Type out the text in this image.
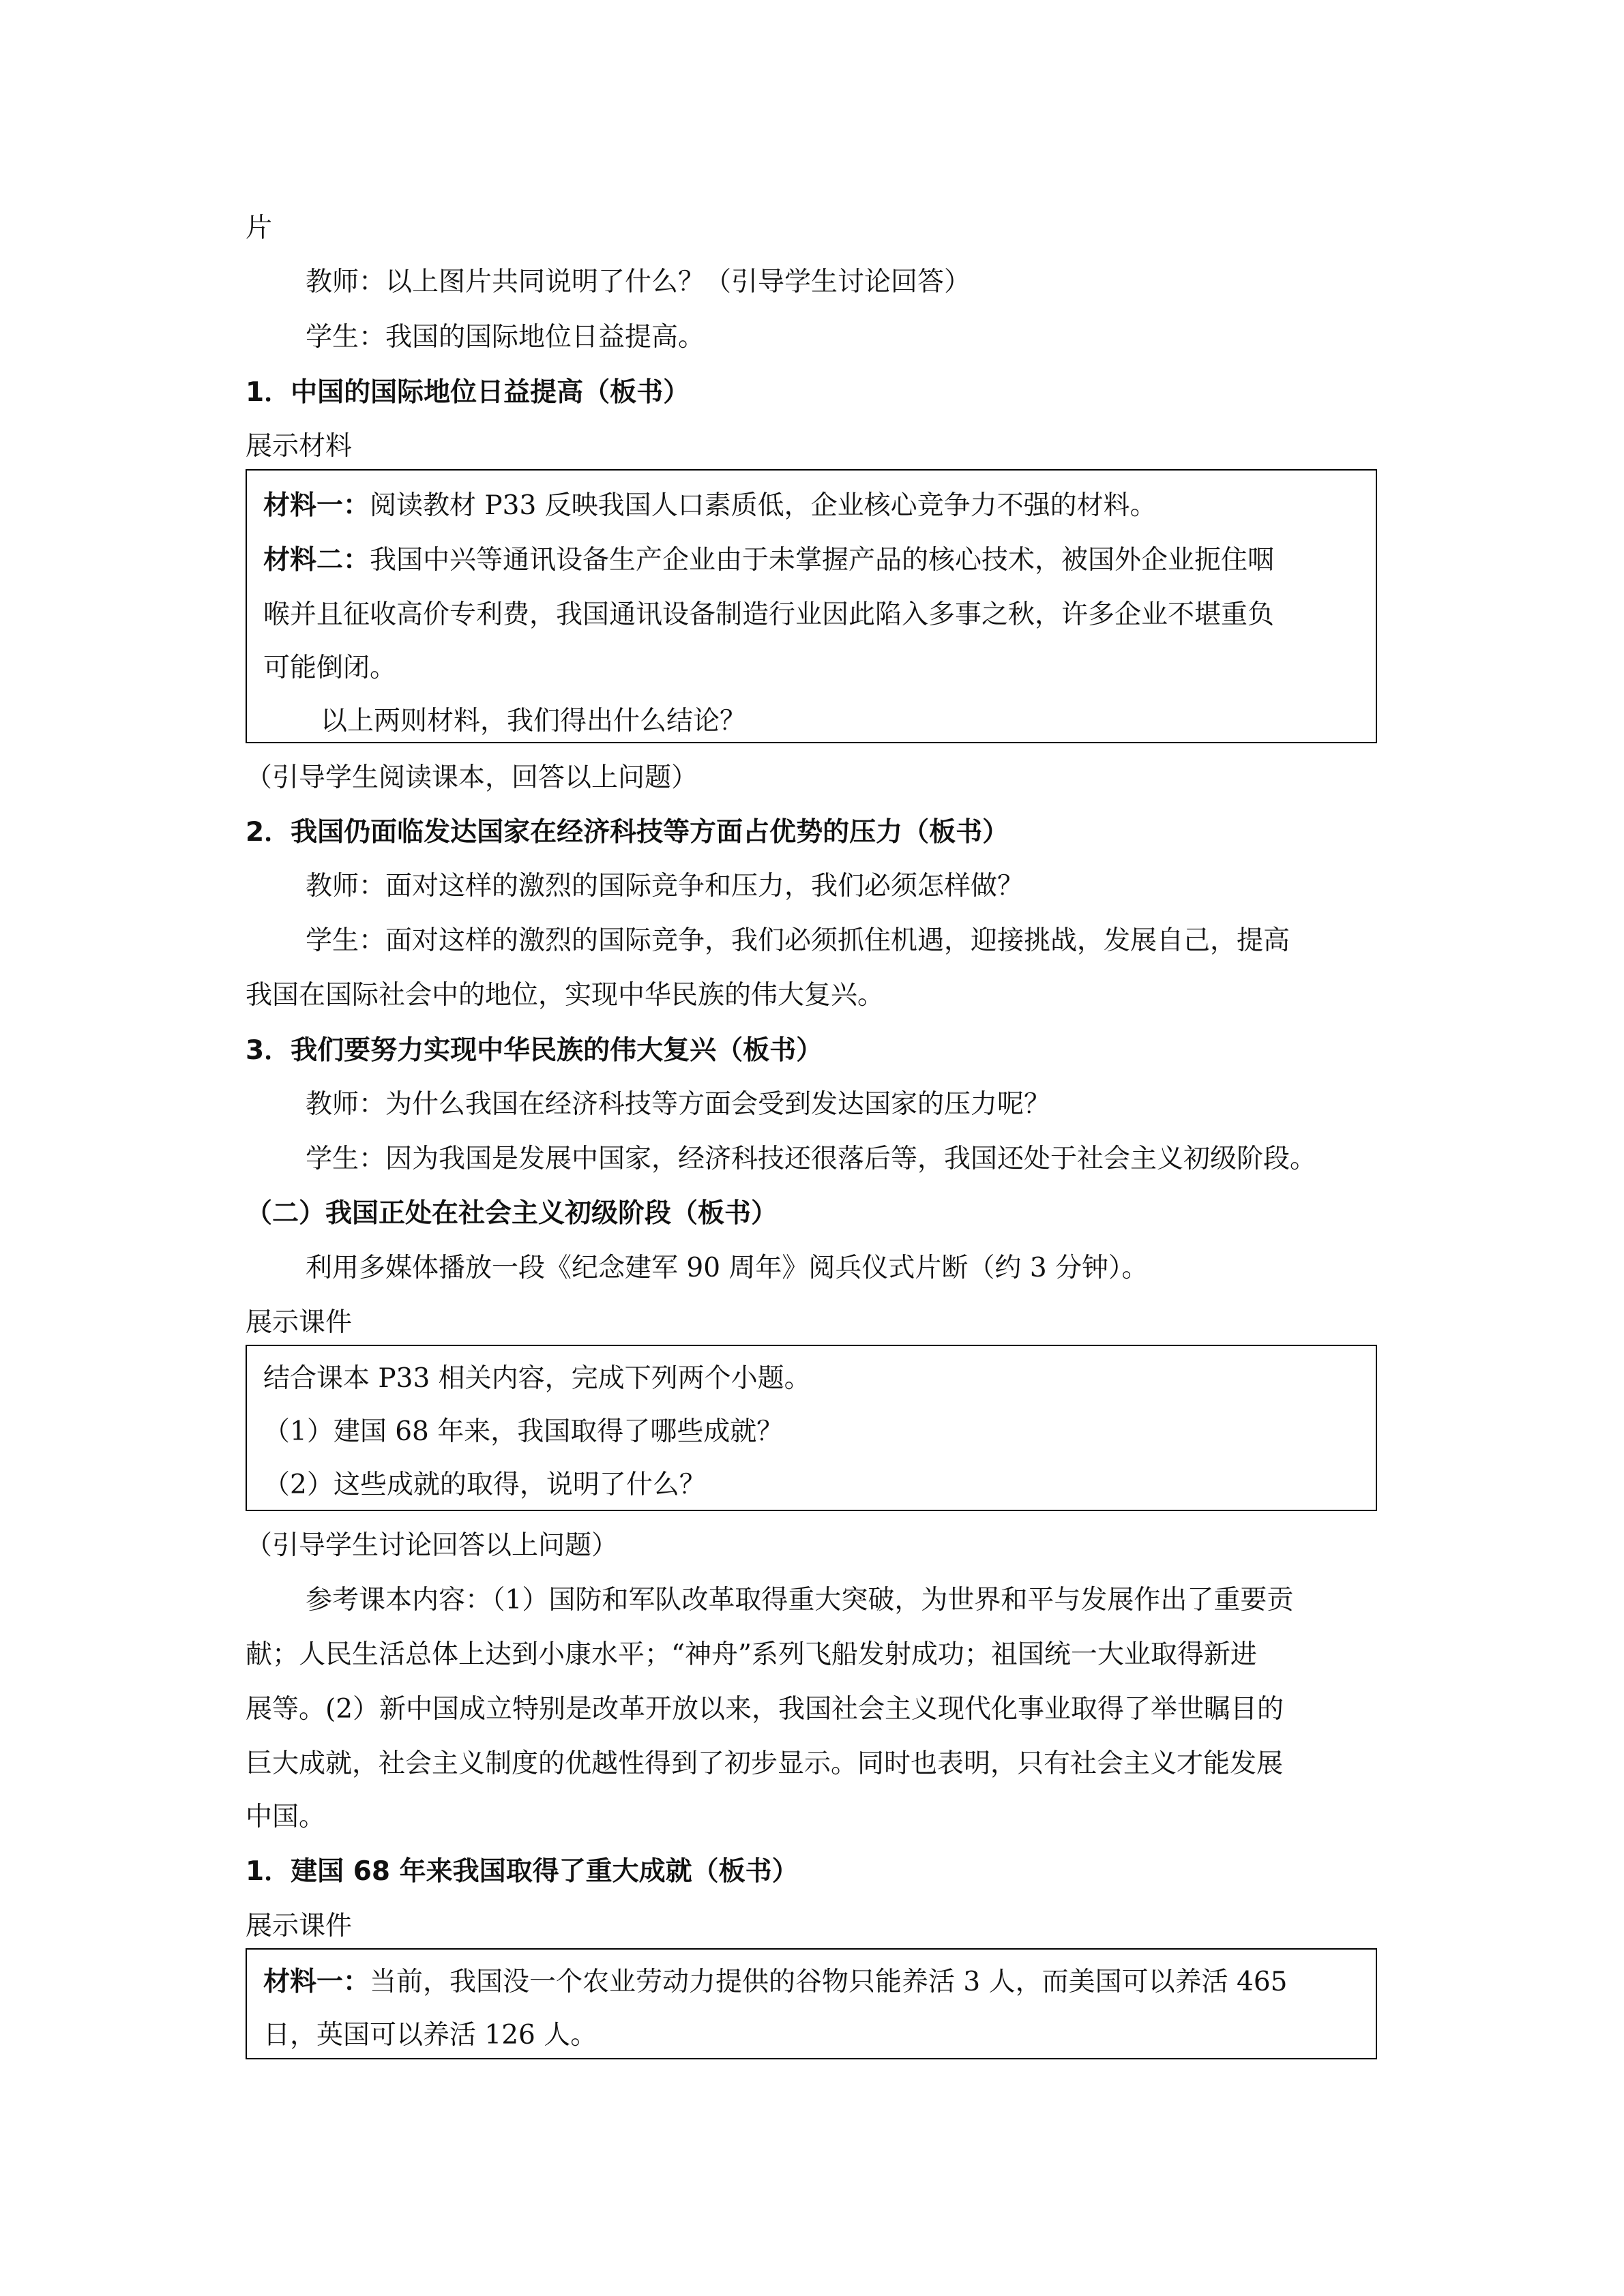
片
教师：以上图片共同说明了什么？（引导学生讨论回答）
学生：我国的国际地位日益提高。
1．中国的国际地位日益提高（板书）
展示材料
材料一：阅读教材 P33 反映我国人口素质低，企业核心竞争力不强的材料。
材料二：我国中兴等通讯设备生产企业由于未掌握产品的核心技术，被国外企业扼住咽
喉并且征收高价专利费，我国通讯设备制造行业因此陷入多事之秋，许多企业不堪重负
可能倒闭。
以上两则材料，我们得出什么结论？
（引导学生阅读课本，回答以上问题）
2．我国仍面临发达国家在经济科技等方面占优势的压力（板书）
教师：面对这样的激烈的国际竞争和压力，我们必须怎样做？
学生：面对这样的激烈的国际竞争，我们必须抓住机遇，迎接挑战，发展自己，提高
我国在国际社会中的地位，实现中华民族的伟大复兴。
3．我们要努力实现中华民族的伟大复兴（板书）
教师：为什么我国在经济科技等方面会受到发达国家的压力呢？
学生：因为我国是发展中国家，经济科技还很落后等，我国还处于社会主义初级阶段。
（二）我国正处在社会主义初级阶段（板书）
利用多媒体播放一段《纪念建军 90 周年》阅兵仪式片断（约 3 分钟）。
展示课件
结合课本 P33 相关内容，完成下列两个小题。
（1）建国 68 年来，我国取得了哪些成就？
（2）这些成就的取得，说明了什么？
（引导学生讨论回答以上问题）
参考课本内容：（1）国防和军队改革取得重大突破，为世界和平与发展作出了重要贡
献；人民生活总体上达到小康水平；“神舟”系列飞船发射成功；祖国统一大业取得新进
展等。(2）新中国成立特别是改革开放以来，我国社会主义现代化事业取得了举世瞩目的
巨大成就，社会主义制度的优越性得到了初步显示。同时也表明，只有社会主义才能发展
中国。
1．建国 68 年来我国取得了重大成就（板书）
展示课件
材料一：当前，我国没一个农业劳动力提供的谷物只能养活 3 人，而美国可以养活 465
日，英国可以养活 126 人。
